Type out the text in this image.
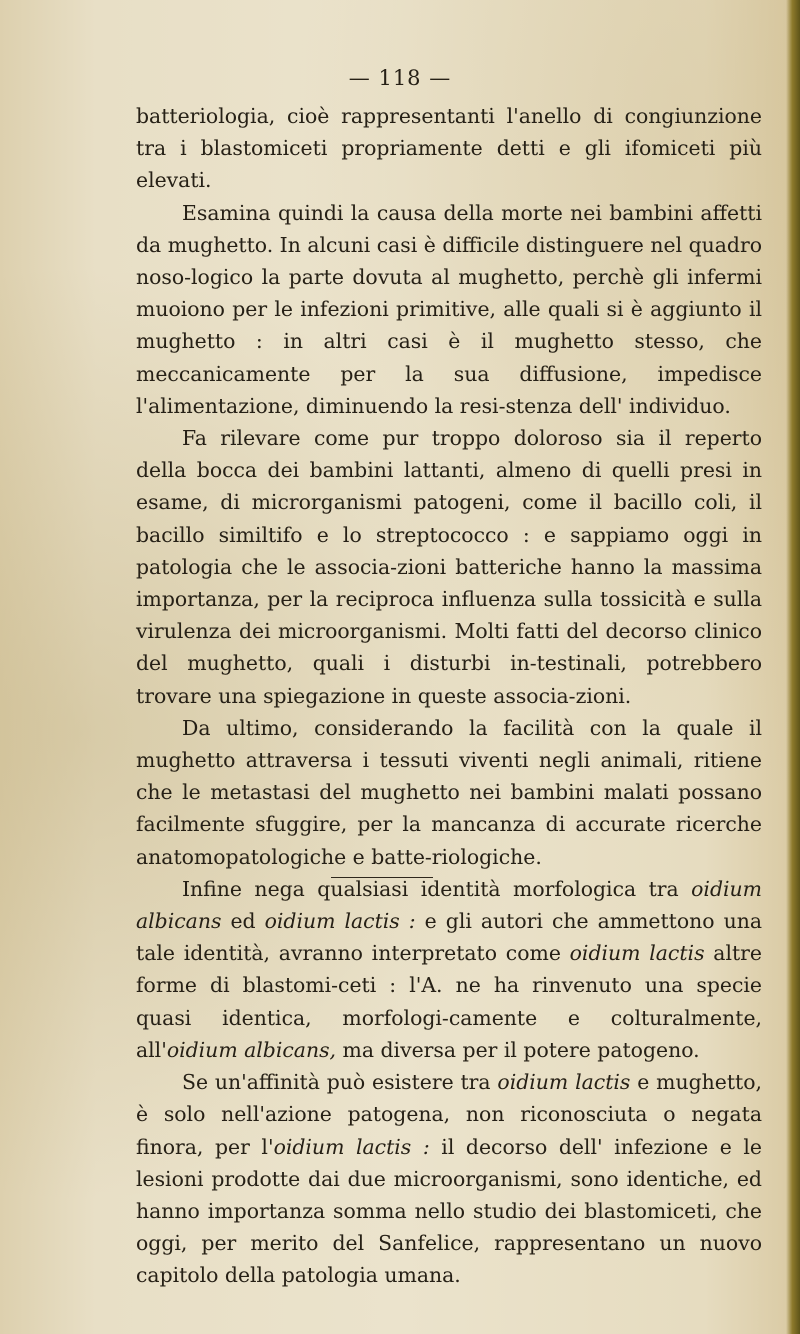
— 118 —

batteriologia, cioè rappresentanti l'anello di congiunzione tra i blastomiceti propriamente detti e gli ifomiceti più elevati.

Esamina quindi la causa della morte nei bambini affetti da mughetto. In alcuni casi è difficile distinguere nel quadro noso-logico la parte dovuta al mughetto, perchè gli infermi muoiono per le infezioni primitive, alle quali si è aggiunto il mughetto : in altri casi è il mughetto stesso, che meccanicamente per la sua diffusione, impedisce l'alimentazione, diminuendo la resi-stenza dell' individuo.

Fa rilevare come pur troppo doloroso sia il reperto della bocca dei bambini lattanti, almeno di quelli presi in esame, di microrganismi patogeni, come il bacillo coli, il bacillo similtifo e lo streptococco : e sappiamo oggi in patologia che le associa-zioni batteriche hanno la massima importanza, per la reciproca influenza sulla tossicità e sulla virulenza dei microorganismi. Molti fatti del decorso clinico del mughetto, quali i disturbi in-testinali, potrebbero trovare una spiegazione in queste associa-zioni.

Da ultimo, considerando la facilità con la quale il mughetto attraversa i tessuti viventi negli animali, ritiene che le metastasi del mughetto nei bambini malati possano facilmente sfuggire, per la mancanza di accurate ricerche anatomopatologiche e batte-riologiche.

Infine nega qualsiasi identità morfologica tra oidium albicans ed oidium lactis : e gli autori che ammettono una tale identità, avranno interpretato come oidium lactis altre forme di blastomi-ceti : l'A. ne ha rinvenuto una specie quasi identica, morfologi-camente e colturalmente, all'oidium albicans, ma diversa per il potere patogeno.

Se un'affinità può esistere tra oidium lactis e mughetto, è solo nell'azione patogena, non riconosciuta o negata finora, per l'oidium lactis : il decorso dell' infezione e le lesioni prodotte dai due microorganismi, sono identiche, ed hanno importanza somma nello studio dei blastomiceti, che oggi, per merito del Sanfelice, rappresentano un nuovo capitolo della patologia umana.
